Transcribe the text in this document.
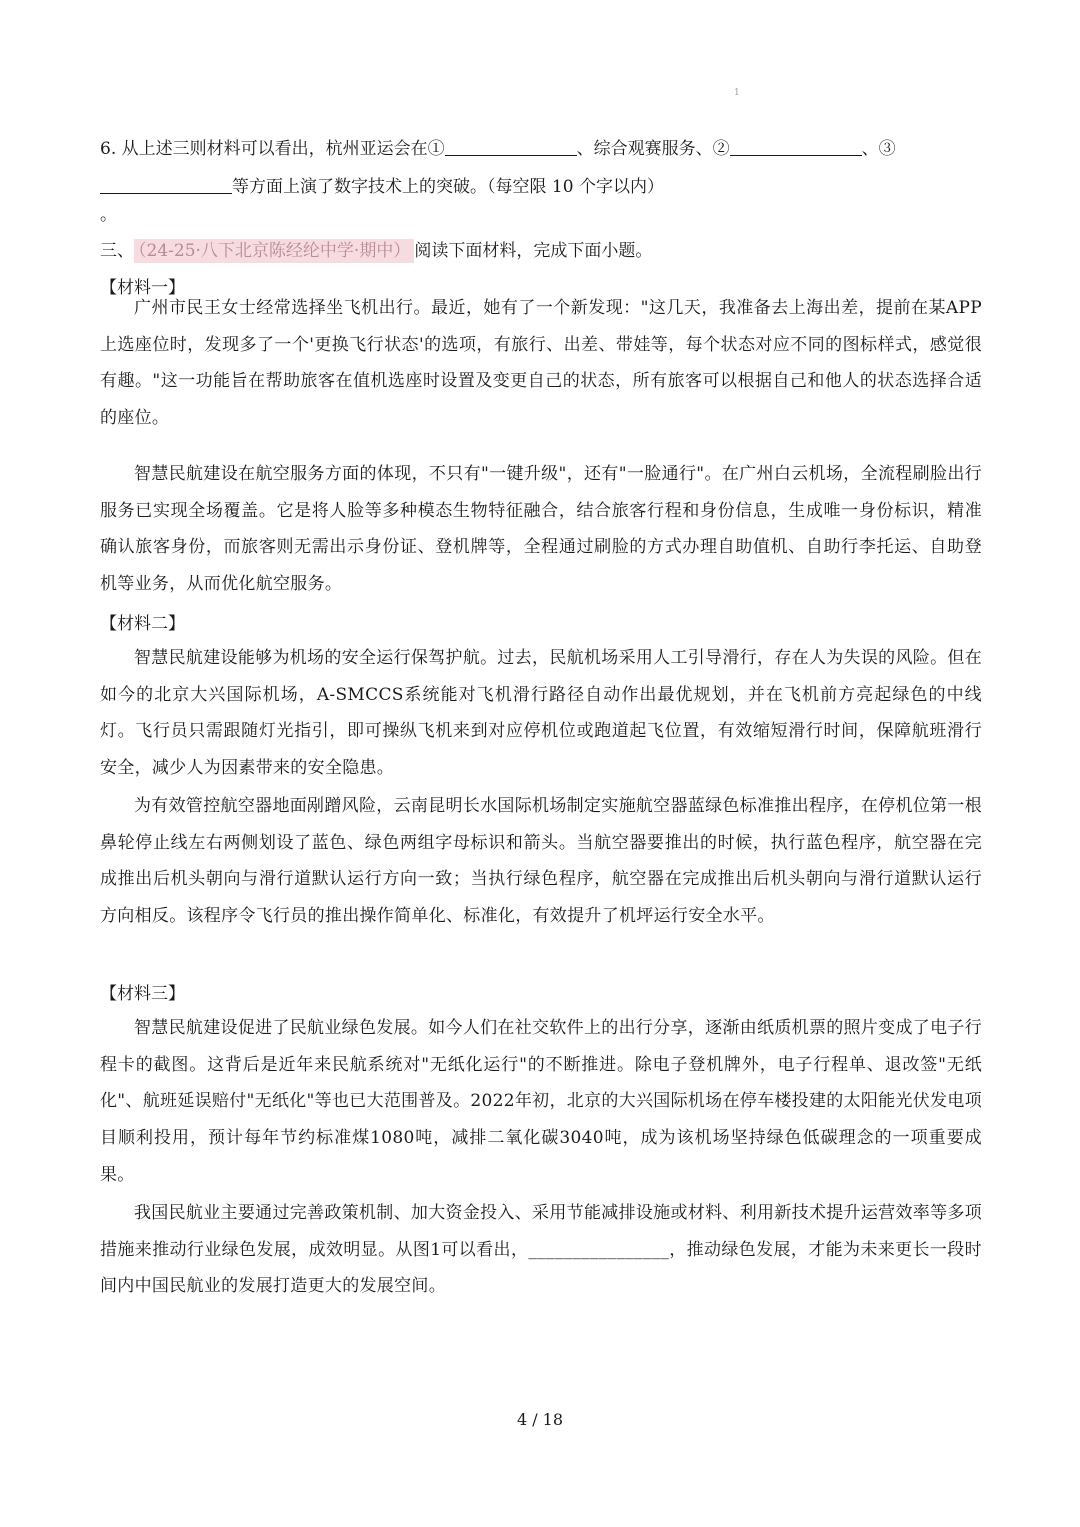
1
6. 从上述三则材料可以看出，杭州亚运会在①	、综合观赛服务、②	、③
等方面上演了数字技术上的突破。（每空限 10 个字以内）
。
三、 （24-25·八下北京陈经纶中学·期中） 阅读下面材料，完成下面小题。
【材料一】

广州市民王女士经常选择坐飞机出行。最近，她有了一个新发现："这几天，我准备去上海出差，提前在某APP上选座位时，发现多了一个'更换飞行状态'的选项，有旅行、出差、带娃等，每个状态对应不同的图标样式，感觉很有趣。"这一功能旨在帮助旅客在值机选座时设置及变更自己的状态，所有旅客可以根据自己和他人的状态选择合适的座位。

智慧民航建设在航空服务方面的体现，不只有"一键升级"，还有"一脸通行"。在广州白云机场，全流程刷脸出行服务已实现全场覆盖。它是将人脸等多种模态生物特征融合，结合旅客行程和身份信息，生成唯一身份标识，精准确认旅客身份，而旅客则无需出示身份证、登机牌等，全程通过刷脸的方式办理自助值机、自助行李托运、自助登机等业务，从而优化航空服务。

【材料二】

智慧民航建设能够为机场的安全运行保驾护航。过去，民航机场采用人工引导滑行，存在人为失误的风险。但在如今的北京大兴国际机场，A-SMCCS系统能对飞机滑行路径自动作出最优规划，并在飞机前方亮起绿色的中线灯。飞行员只需跟随灯光指引，即可操纵飞机来到对应停机位或跑道起飞位置，有效缩短滑行时间，保障航班滑行安全，减少人为因素带来的安全隐患。

为有效管控航空器地面剐蹭风险，云南昆明长水国际机场制定实施航空器蓝绿色标准推出程序，在停机位第一根鼻轮停止线左右两侧划设了蓝色、绿色两组字母标识和箭头。当航空器要推出的时候，执行蓝色程序，航空器在完成推出后机头朝向与滑行道默认运行方向一致；当执行绿色程序，航空器在完成推出后机头朝向与滑行道默认运行方向相反。该程序令飞行员的推出操作简单化、标准化，有效提升了机坪运行安全水平。

【材料三】

智慧民航建设促进了民航业绿色发展。如今人们在社交软件上的出行分享，逐渐由纸质机票的照片变成了电子行程卡的截图。这背后是近年来民航系统对"无纸化运行"的不断推进。除电子登机牌外，电子行程单、退改签"无纸化"、航班延误赔付"无纸化"等也已大范围普及。2022年初，北京的大兴国际机场在停车楼投建的太阳能光伏发电项目顺利投用，预计每年节约标准煤1080吨，减排二氧化碳3040吨，成为该机场坚持绿色低碳理念的一项重要成果。

我国民航业主要通过完善政策机制、加大资金投入、采用节能减排设施或材料、利用新技术提升运营效率等多项措施来推动行业绿色发展，成效明显。从图1可以看出，________________，推动绿色发展，才能为未来更长一段时间内中国民航业的发展打造更大的发展空间。

4 / 18
